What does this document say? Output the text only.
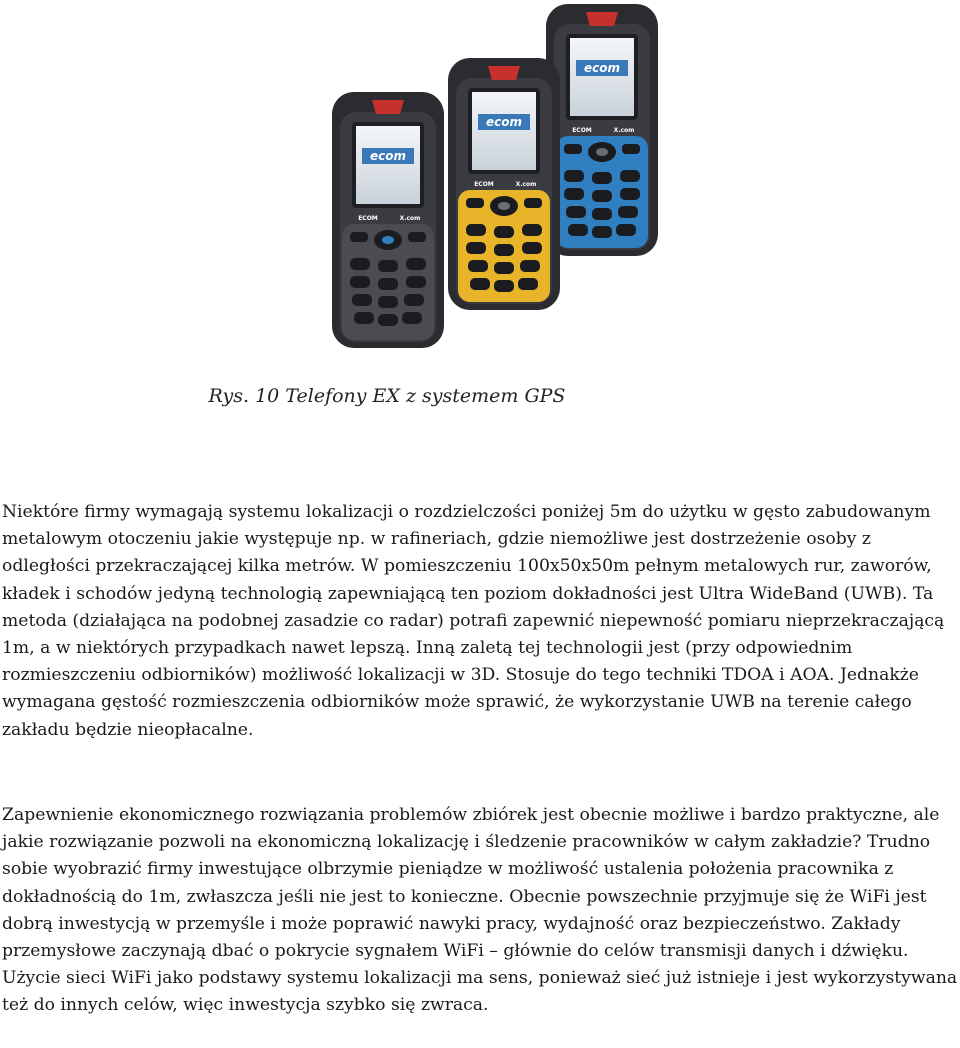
ecom
ECOM	X.com
ecom
ECOM	X.com
ecom
ECOM	X.com
Rys. 10 Telefony EX z systemem GPS

Niektóre firmy wymagają systemu lokalizacji o rozdzielczości poniżej 5m do użytku w gęsto zabudowanym metalowym otoczeniu jakie występuje np. w rafineriach, gdzie niemożliwe jest dostrzeżenie osoby z odległości przekraczającej kilka metrów. W pomieszczeniu 100x50x50m pełnym metalowych rur, zaworów, kładek i schodów jedyną technologią zapewniającą ten poziom dokładności jest Ultra WideBand (UWB). Ta metoda (działająca na podobnej zasadzie co radar) potrafi zapewnić niepewność pomiaru nieprzekraczającą 1m, a w niektórych przypadkach nawet lepszą. Inną zaletą tej technologii jest (przy odpowiednim rozmieszczeniu odbiorników) możliwość lokalizacji w 3D. Stosuje do tego techniki TDOA i AOA. Jednakże wymagana gęstość rozmieszczenia odbiorników może sprawić, że wykorzystanie UWB na terenie całego zakładu będzie nieopłacalne.

Zapewnienie ekonomicznego rozwiązania problemów zbiórek jest obecnie możliwe i bardzo praktyczne, ale jakie rozwiązanie pozwoli na ekonomiczną lokalizację i śledzenie pracowników w całym zakładzie? Trudno sobie wyobrazić firmy inwestujące olbrzymie pieniądze w możliwość ustalenia położenia pracownika z dokładnością do 1m, zwłaszcza jeśli nie jest to konieczne. Obecnie powszechnie przyjmuje się że WiFi jest dobrą inwestycją w przemyśle i może poprawić nawyki pracy, wydajność oraz bezpieczeństwo. Zakłady przemysłowe zaczynają dbać o pokrycie sygnałem WiFi – głównie do celów transmisji danych i dźwięku. Użycie sieci WiFi jako podstawy systemu lokalizacji ma sens, ponieważ sieć już istnieje i jest wykorzystywana też do innych celów, więc inwestycja szybko się zwraca.
